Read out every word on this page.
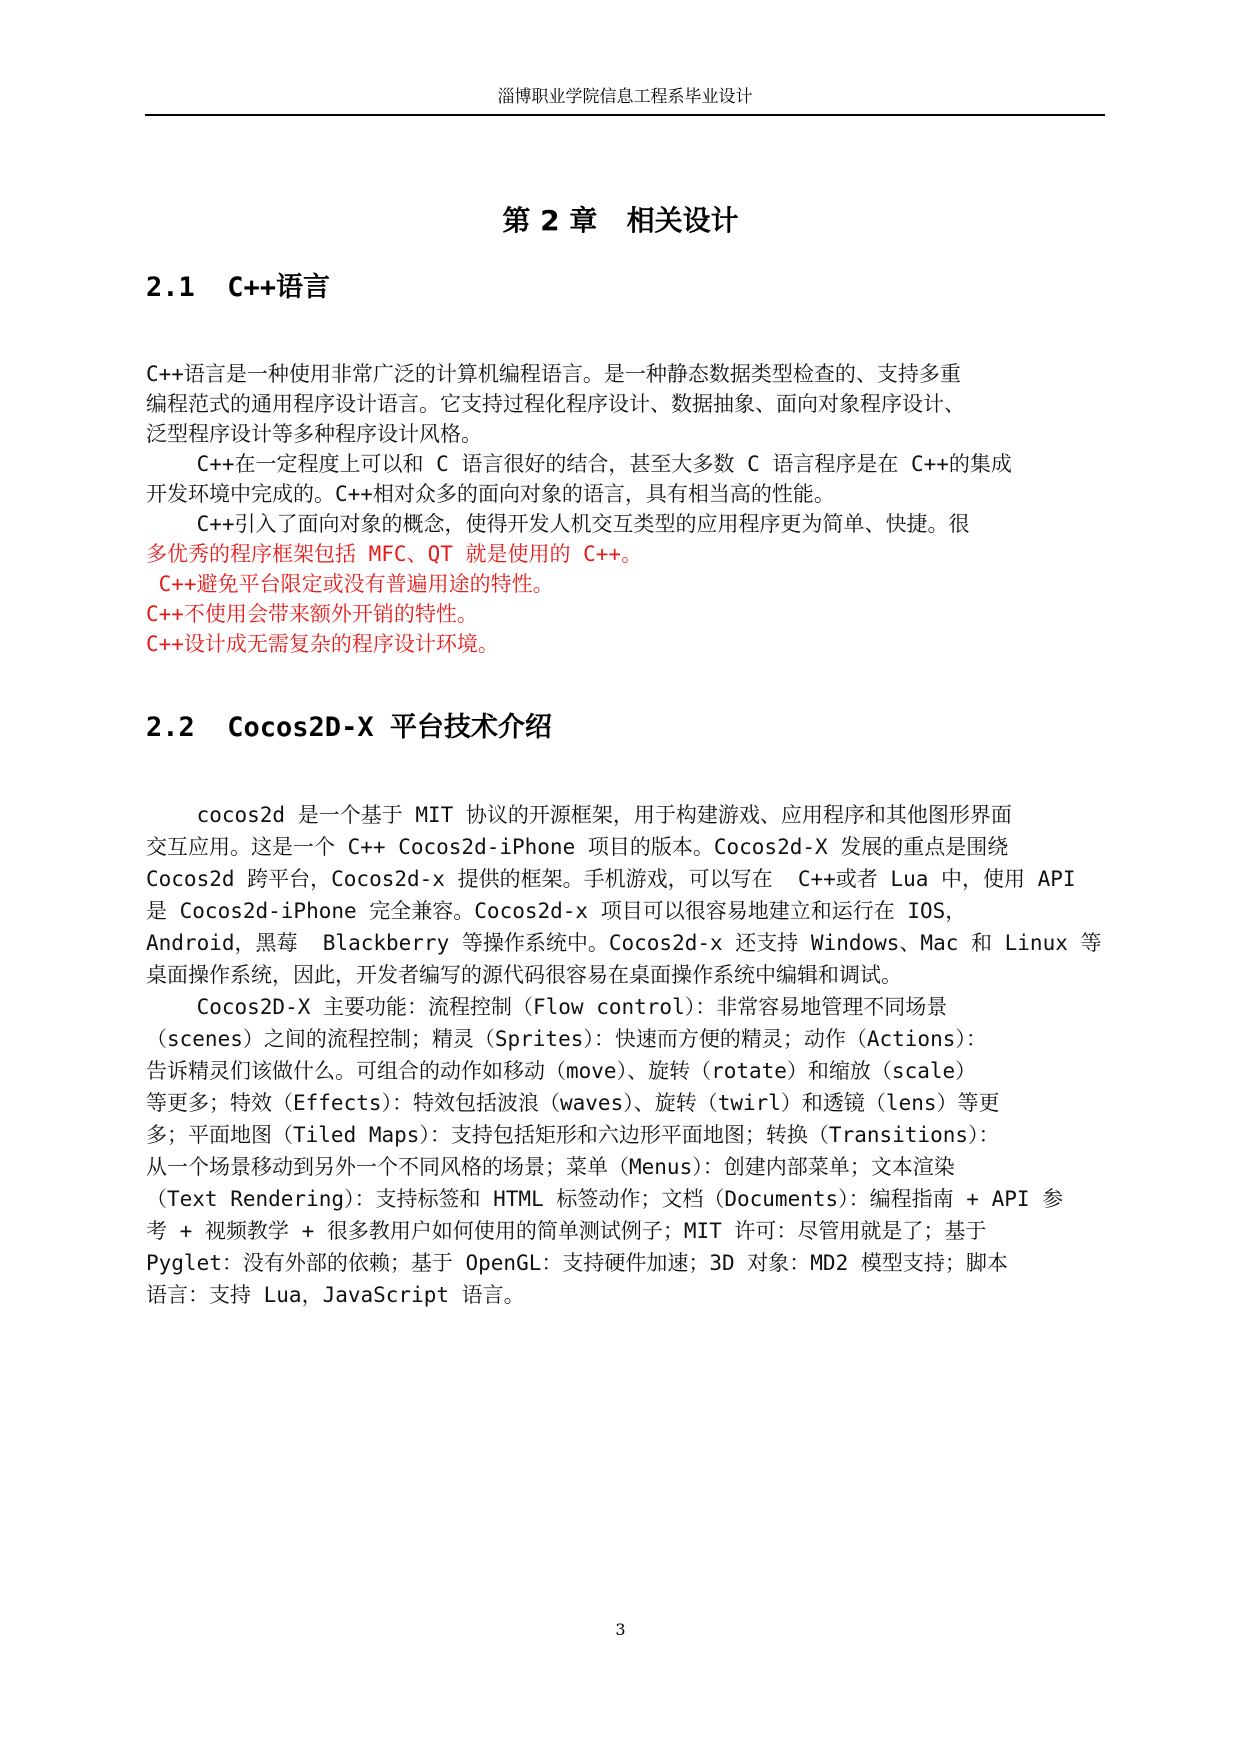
淄博职业学院信息工程系毕业设计
第 2 章   相关设计
2.1  C++语言
C++语言是一种使用非常广泛的计算机编程语言。是一种静态数据类型检查的、支持多重
编程范式的通用程序设计语言。它支持过程化程序设计、数据抽象、面向对象程序设计、
泛型程序设计等多种程序设计风格。
C++在一定程度上可以和 C 语言很好的结合，甚至大多数 C 语言程序是在 C++的集成
开发环境中完成的。C++相对众多的面向对象的语言，具有相当高的性能。
C++引入了面向对象的概念，使得开发人机交互类型的应用程序更为简单、快捷。很
多优秀的程序框架包括 MFC、QT 就是使用的 C++。
C++避免平台限定或没有普遍用途的特性。
C++不使用会带来额外开销的特性。
C++设计成无需复杂的程序设计环境。
2.2  Cocos2D-X 平台技术介绍
cocos2d 是一个基于 MIT 协议的开源框架，用于构建游戏、应用程序和其他图形界面
交互应用。这是一个 C++ Cocos2d-iPhone 项目的版本。Cocos2d-X 发展的重点是围绕
Cocos2d 跨平台，Cocos2d-x 提供的框架。手机游戏，可以写在  C++或者 Lua 中，使用 API
是 Cocos2d-iPhone 完全兼容。Cocos2d-x 项目可以很容易地建立和运行在 IOS，
Android，黑莓  Blackberry 等操作系统中。Cocos2d-x 还支持 Windows、Mac 和 Linux 等
桌面操作系统，因此，开发者编写的源代码很容易在桌面操作系统中编辑和调试。
Cocos2D-X 主要功能：流程控制（Flow control）：非常容易地管理不同场景
（scenes）之间的流程控制；精灵（Sprites）：快速而方便的精灵；动作（Actions）：
告诉精灵们该做什么。可组合的动作如移动（move）、旋转（rotate）和缩放（scale）
等更多；特效（Effects）：特效包括波浪（waves）、旋转（twirl）和透镜（lens）等更
多；平面地图（Tiled Maps）：支持包括矩形和六边形平面地图；转换（Transitions）：
从一个场景移动到另外一个不同风格的场景；菜单（Menus）：创建内部菜单；文本渲染
（Text Rendering）：支持标签和 HTML 标签动作；文档（Documents）：编程指南 + API 参
考 + 视频教学 + 很多教用户如何使用的简单测试例子；MIT 许可：尽管用就是了；基于
Pyglet：没有外部的依赖；基于 OpenGL：支持硬件加速；3D 对象：MD2 模型支持；脚本
语言：支持 Lua，JavaScript 语言。
3
